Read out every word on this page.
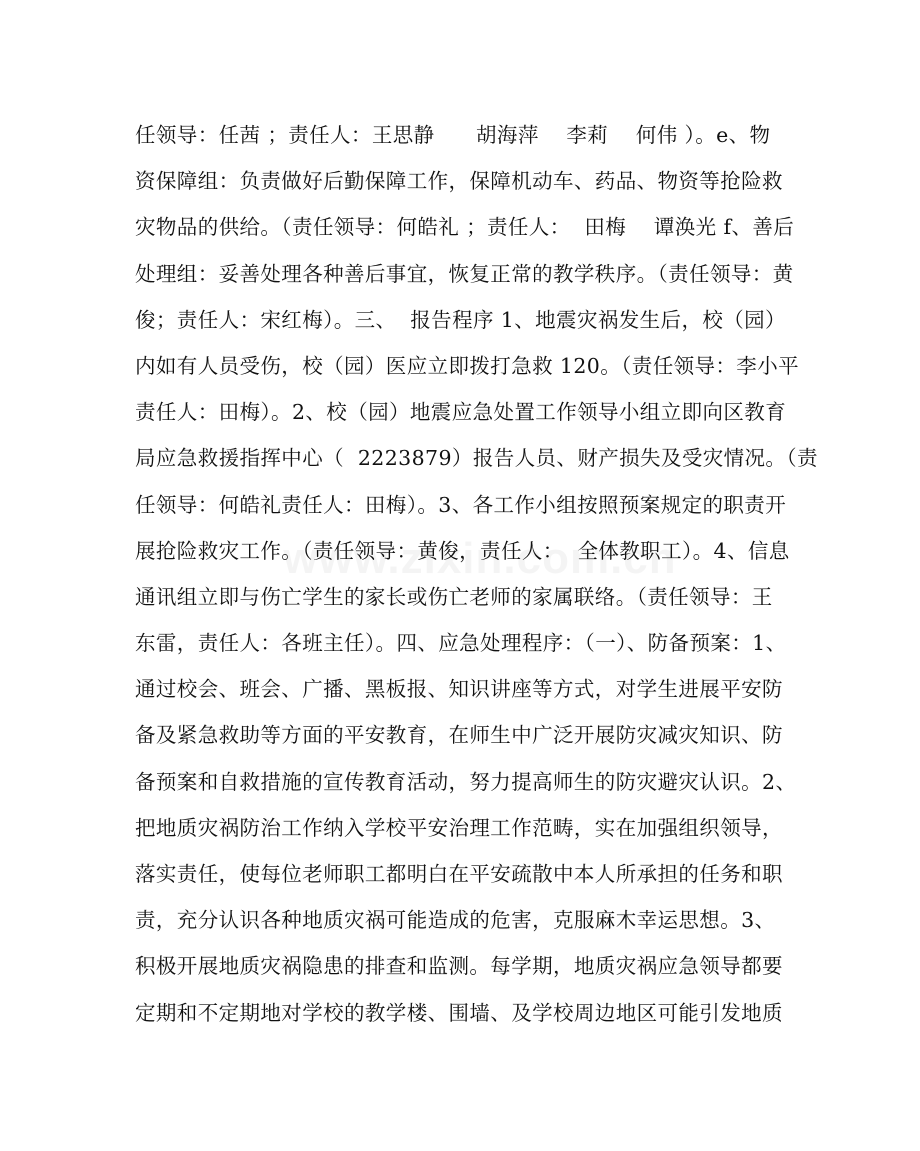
任领导：任茜 ；责任人：王思静      胡海萍    李莉    何伟 ）。e、物
资保障组：负责做好后勤保障工作，保障机动车、药品、物资等抢险救
灾物品的供给。（责任领导：何皓礼 ；责任人：  田梅    谭涣光 f、善后
处理组：妥善处理各种善后事宜，恢复正常的教学秩序。（责任领导：黄
俊；责任人：宋红梅）。三、  报告程序 1、地震灾祸发生后，校（园）
内如有人员受伤，校（园）医应立即拨打急救 120。（责任领导：李小平
责任人：田梅）。2、校（园）地震应急处置工作领导小组立即向区教育
局应急救援指挥中心（  2223879）报告人员、财产损失及受灾情况。（责
任领导：何皓礼责任人：田梅）。3、各工作小组按照预案规定的职责开
展抢险救灾工作。（责任领导：黄俊，责任人：  全体教职工）。4、信息
通讯组立即与伤亡学生的家长或伤亡老师的家属联络。（责任领导：王
东雷，责任人：各班主任）。四、应急处理程序：（一）、防备预案：1、
通过校会、班会、广播、黑板报、知识讲座等方式，对学生进展平安防
备及紧急救助等方面的平安教育，在师生中广泛开展防灾减灾知识、防
备预案和自救措施的宣传教育活动，努力提高师生的防灾避灾认识。2、
把地质灾祸防治工作纳入学校平安治理工作范畴，实在加强组织领导，
落实责任，使每位老师职工都明白在平安疏散中本人所承担的任务和职
责，充分认识各种地质灾祸可能造成的危害，克服麻木幸运思想。3、
积极开展地质灾祸隐患的排查和监测。每学期，地质灾祸应急领导都要
定期和不定期地对学校的教学楼、围墙、及学校周边地区可能引发地质
